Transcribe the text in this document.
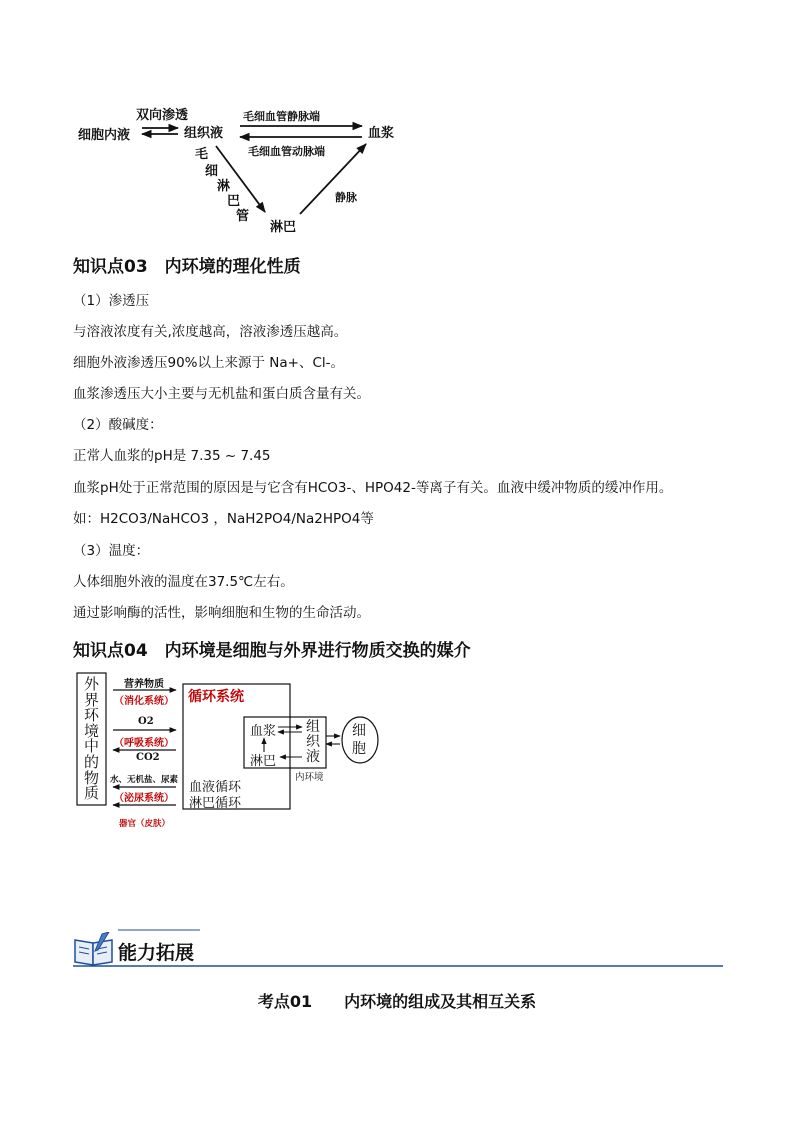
细胞内液	组织液	血浆
淋巴
双向渗透	毛细血管静脉端
毛细血管动脉端
毛
细
淋
巴
管
静脉
知识点03　内环境的理化性质
（1）渗透压
与溶液浓度有关,浓度越高，溶液渗透压越高。
细胞外液渗透压90%以上来源于 Na+、Cl-。
血浆渗透压大小主要与无机盐和蛋白质含量有关。
（2）酸碱度：
正常人血浆的pH是 7.35 ~ 7.45
血浆pH处于正常范围的原因是与它含有HCO3-、HPO42-等离子有关。血液中缓冲物质的缓冲作用。
如：H2CO3/NaHCO3 ，NaH2PO4/Na2HPO4等
（3）温度：
人体细胞外液的温度在37.5℃左右。
通过影响酶的活性，影响细胞和生物的生命活动。
知识点04　内环境是细胞与外界进行物质交换的媒介
外
界
环
境
中
的
物
质
营养物质
（消化系统）
O2
（呼吸系统）
CO2
水、无机盐、尿素
（泌尿系统）
器官（皮肤）
循环系统
血浆
淋巴
组
织
液
内环境
血液循环
淋巴循环
细
胞
能力拓展
考点01　　内环境的组成及其相互关系
